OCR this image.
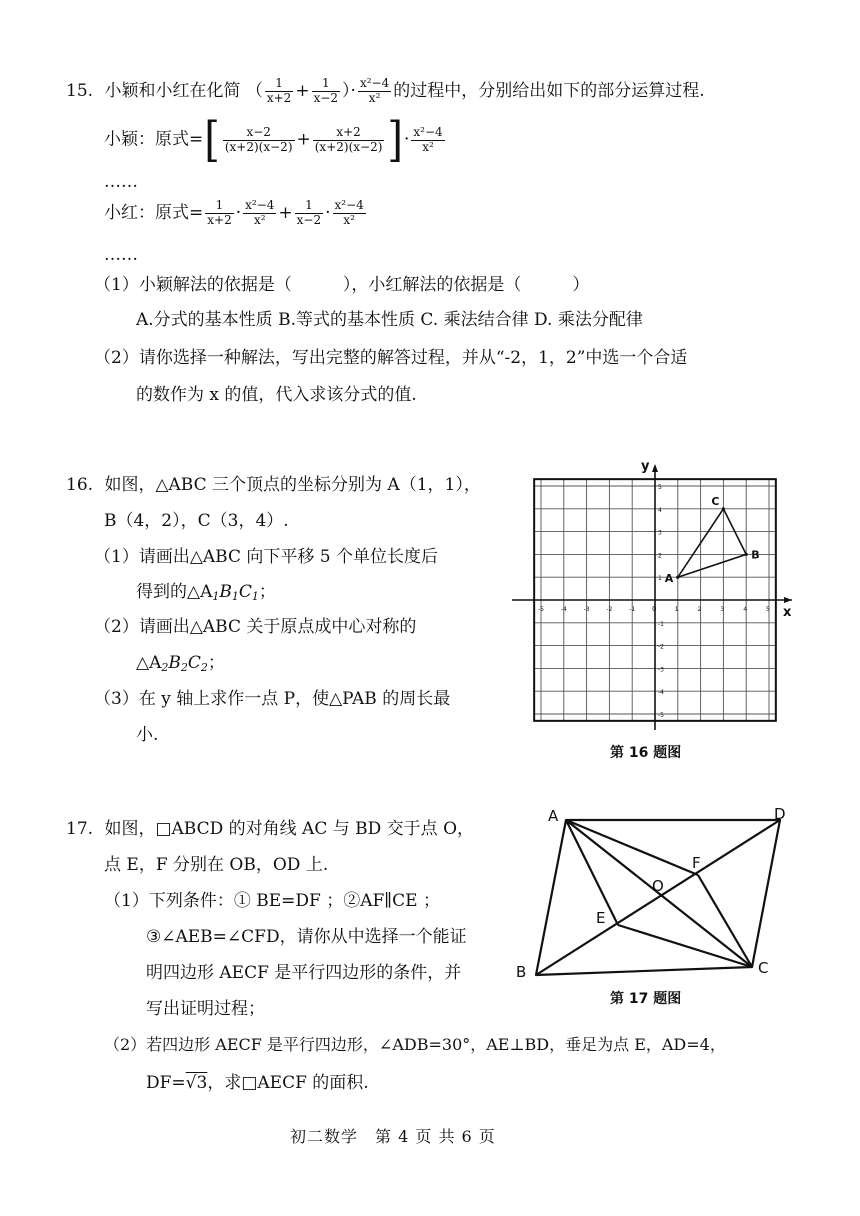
15. 小颖和小红在化简 （ $\frac{1}{x+2} + \frac{1}{x-2}$ ）· $\frac{\text{x²−4}}{\text{x²}}$ 的过程中，分别给出如下的部分运算过程.
小颖：原式=[ $\frac{x-2}{(x+2)(x-2)} + \frac{x+2}{(x+2)(x-2)}$ ]· $\frac{\text{x²−4}}{\text{x²}}$
……
小红：原式= $\frac{1}{x+2} \cdot \frac{\text{x²−4}}{\text{x²}} + \frac{1}{x-2} \cdot \frac{\text{x²−4}}{\text{x²}}$
……
（1）小颖解法的依据是（　　　），小红解法的依据是（　　　）
A.分式的基本性质 B.等式的基本性质 C. 乘法结合律 D. 乘法分配律
（2）请你选择一种解法，写出完整的解答过程，并从“-2，1，2”中选一个合适
的数作为 x 的值，代入求该分式的值.
16. 如图，△ABC 三个顶点的坐标分别为 A（1，1），
B（4，2），C（3，4）.
（1）请画出△ABC 向下平移 5 个单位长度后
得到的$\triangle A_1B_1C_1$；
（2）请画出△ABC 关于原点成中心对称的
$\triangle A_2B_2C_2$；
（3）在 y 轴上求作一点 P，使△PAB 的周长最
小.
x
y
0
-5	-4	-3	-2	-1	1	2	3	4	5
5
4
3
2
1
-1
-2
-3
-4
-5
A
B
C
第 16 题图
17. 如图，□ABCD 的对角线 AC 与 BD 交于点 O，
点 E，F 分别在 OB，OD 上.
（1）下列条件：① BE=DF ；②AF∥CE ；
③∠AEB=∠CFD，请你从中选择一个能证
明四边形 AECF 是平行四边形的条件，并
写出证明过程；
（2）若四边形 AECF 是平行四边形，∠ADB=30°，AE⊥BD，垂足为点 E，AD=4，
DF=√3，求□AECF 的面积.
A	D
F
O
E
B	C
第 17 题图
初二数学　第 4 页 共 6 页
